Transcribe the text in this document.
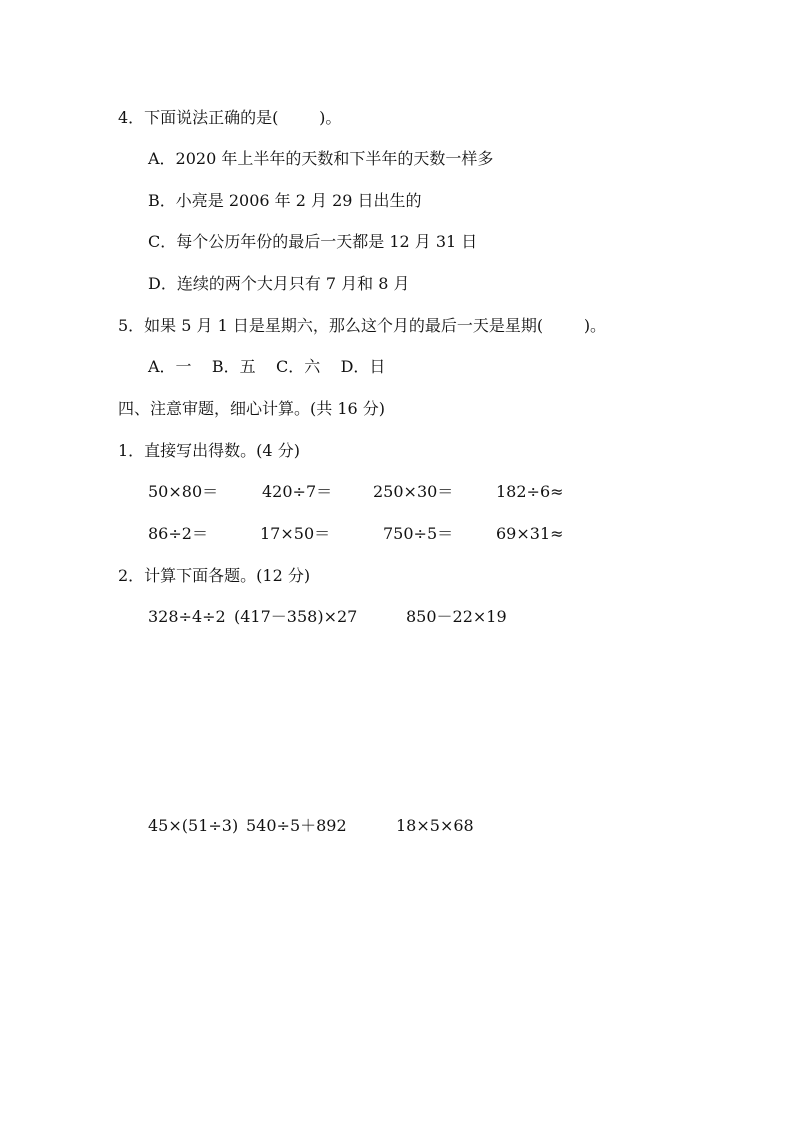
4．下面说法正确的是(        )。
A．2020 年上半年的天数和下半年的天数一样多
B．小亮是 2006 年 2 月 29 日出生的
C．每个公历年份的最后一天都是 12 月 31 日
D．连续的两个大月只有 7 月和 8 月
5．如果 5 月 1 日是星期六，那么这个月的最后一天是星期(        )。
A．一    B．五    C．六    D．日
四、注意审题，细心计算。(共 16 分)
1．直接写出得数。(4 分)
50×80＝	420÷7＝	250×30＝	182÷6≈
86÷2＝	17×50＝	750÷5＝	69×31≈
2．计算下面各题。(12 分)
328÷4÷2 (417－358)×27	850－22×19
45×(51÷3) 540÷5＋892	18×5×68
